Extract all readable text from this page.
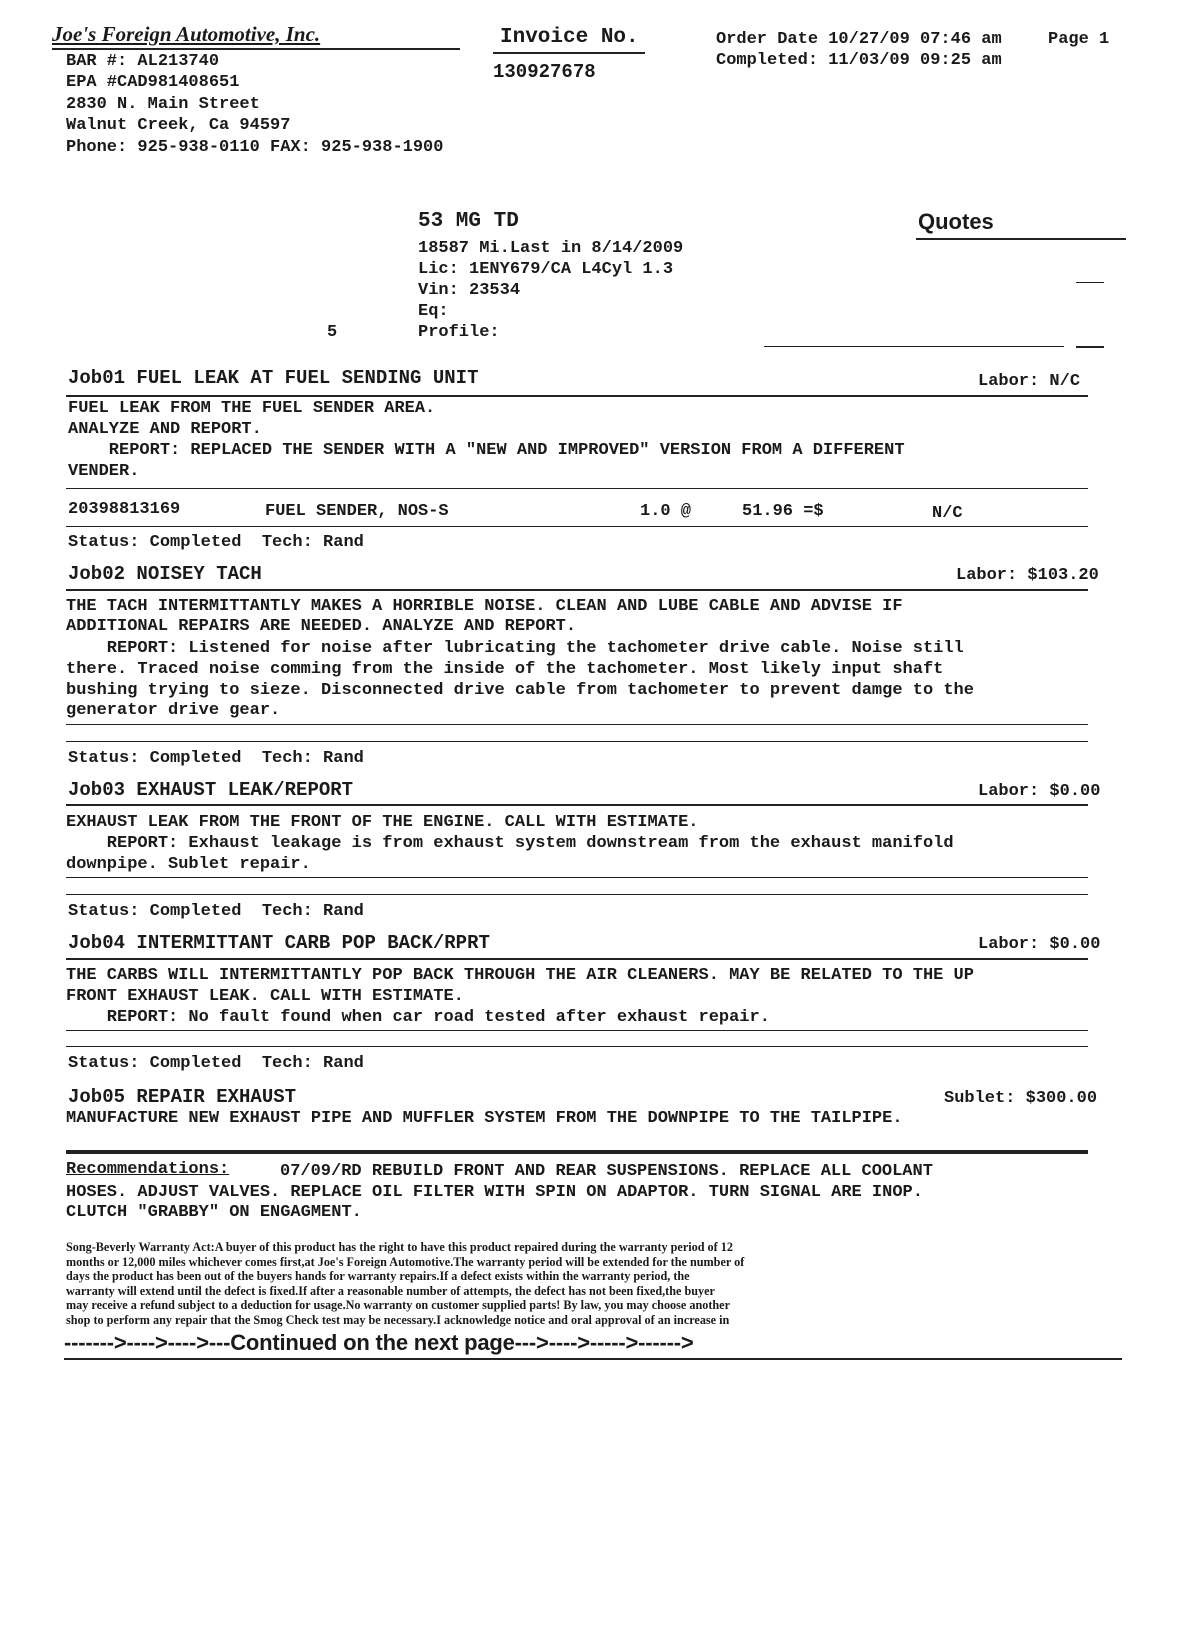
Joe's Foreign Automotive, Inc.
BAR #: AL213740
EPA #CAD981408651
2830 N. Main Street
Walnut Creek, Ca 94597
Phone: 925-938-0110 FAX: 925-938-1900
Invoice No.
130927678
Order Date 10/27/09 07:46 am	Page 1
Completed: 11/03/09 09:25 am
53 MG TD
18587 Mi.Last in 8/14/2009
Lic: 1ENY679/CA L4Cyl 1.3
Vin: 23534
Eq:
Profile:
5
Quotes
Job01 FUEL LEAK AT FUEL SENDING UNIT	Labor: N/C
FUEL LEAK FROM THE FUEL SENDER AREA.
ANALYZE AND REPORT.
REPORT: REPLACED THE SENDER WITH A "NEW AND IMPROVED" VERSION FROM A DIFFERENT
VENDER.
20398813169	FUEL SENDER, NOS-S	1.0 @	51.96 =$	N/C
Status: Completed  Tech: Rand
Job02 NOISEY TACH	Labor: $103.20
THE TACH INTERMITTANTLY MAKES A HORRIBLE NOISE. CLEAN AND LUBE CABLE AND ADVISE IF
ADDITIONAL REPAIRS ARE NEEDED. ANALYZE AND REPORT.
REPORT: Listened for noise after lubricating the tachometer drive cable. Noise still
there. Traced noise comming from the inside of the tachometer. Most likely input shaft
bushing trying to sieze. Disconnected drive cable from tachometer to prevent damge to the
generator drive gear.
Status: Completed  Tech: Rand
Job03 EXHAUST LEAK/REPORT	Labor: $0.00
EXHAUST LEAK FROM THE FRONT OF THE ENGINE. CALL WITH ESTIMATE.
REPORT: Exhaust leakage is from exhaust system downstream from the exhaust manifold
downpipe. Sublet repair.
Status: Completed  Tech: Rand
Job04 INTERMITTANT CARB POP BACK/RPRT	Labor: $0.00
THE CARBS WILL INTERMITTANTLY POP BACK THROUGH THE AIR CLEANERS. MAY BE RELATED TO THE UP
FRONT EXHAUST LEAK. CALL WITH ESTIMATE.
REPORT: No fault found when car road tested after exhaust repair.
Status: Completed  Tech: Rand
Job05 REPAIR EXHAUST	Sublet: $300.00
MANUFACTURE NEW EXHAUST PIPE AND MUFFLER SYSTEM FROM THE DOWNPIPE TO THE TAILPIPE.
Recommendations:	07/09/RD REBUILD FRONT AND REAR SUSPENSIONS. REPLACE ALL COOLANT
HOSES. ADJUST VALVES. REPLACE OIL FILTER WITH SPIN ON ADAPTOR. TURN SIGNAL ARE INOP.
CLUTCH "GRABBY" ON ENGAGMENT.
Song-Beverly Warranty Act:A buyer of this product has the right to have this product repaired during the warranty period of 12
months or 12,000 miles whichever comes first,at Joe's Foreign Automotive.The warranty period will be extended for the number of
days the product has been out of the buyers hands for warranty repairs.If a defect exists within the warranty period, the
warranty will extend until the defect is fixed.If after a reasonable number of attempts, the defect has not been fixed,the buyer
may receive a refund subject to a deduction for usage.No warranty on customer supplied parts! By law, you may choose another
shop to perform any repair that the Smog Check test may be necessary.I acknowledge notice and oral approval of an increase in
------->---->---->---Continued on the next page--->---->----->------>
